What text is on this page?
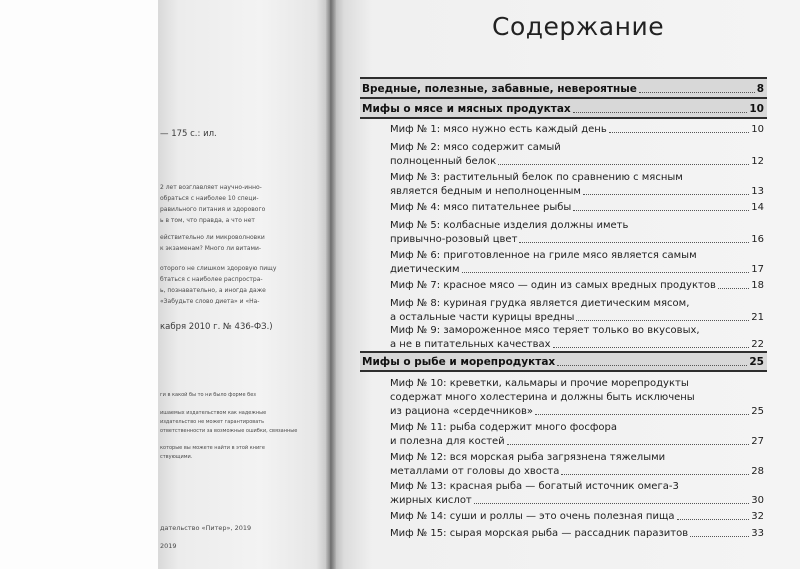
— 175 с.: ил.
2 лет возглавляет научно-инно-
обраться с наиболее 10 специ-
равильного питания и здорового
ь в том, что правда, а что нет
ействительно ли микроволновки
к экзаменам? Много ли витами-
оторого не слишком здоровую пищу
бтаться с наиболее распростра-
ь, познавательно, а иногда даже
«Забудьте слово диета» и «На-
кабря 2010 г. № 436-ФЗ.)
ги в какой бы то ни было форме без
ишаемых издательством как надежные
издательство не может гарантировать
ответственности за возможные ошибки, связанные
которые вы можете найти в этой книге
ствующими.
дательство «Питер», 2019
2019
Содержание
Вредные, полезные, забавные, невероятные	8
Мифы о мясе и мясных продуктах	10
Миф № 1: мясо нужно есть каждый день	10
Миф № 2: мясо содержит самый
полноценный белок	12
Миф № 3: растительный белок по сравнению с мясным
является бедным и неполноценным	13
Миф № 4: мясо питательнее рыбы	14
Миф № 5: колбасные изделия должны иметь
привычно-розовый цвет	16
Миф № 6: приготовленное на гриле мясо является самым
диетическим	17
Миф № 7: красное мясо — один из самых вредных продуктов	18
Миф № 8: куриная грудка является диетическим мясом,
а остальные части курицы вредны	21
Миф № 9: замороженное мясо теряет только во вкусовых,
а не в питательных качествах	22
Мифы о рыбе и морепродуктах	25
Миф № 10: креветки, кальмары и прочие морепродукты
содержат много холестерина и должны быть исключены
из рациона «сердечников»	25
Миф № 11: рыба содержит много фосфора
и полезна для костей	27
Миф № 12: вся морская рыба загрязнена тяжелыми
металлами от головы до хвоста	28
Миф № 13: красная рыба — богатый источник омега-3
жирных кислот	30
Миф № 14: суши и роллы — это очень полезная пища	32
Миф № 15: сырая морская рыба — рассадник паразитов	33
